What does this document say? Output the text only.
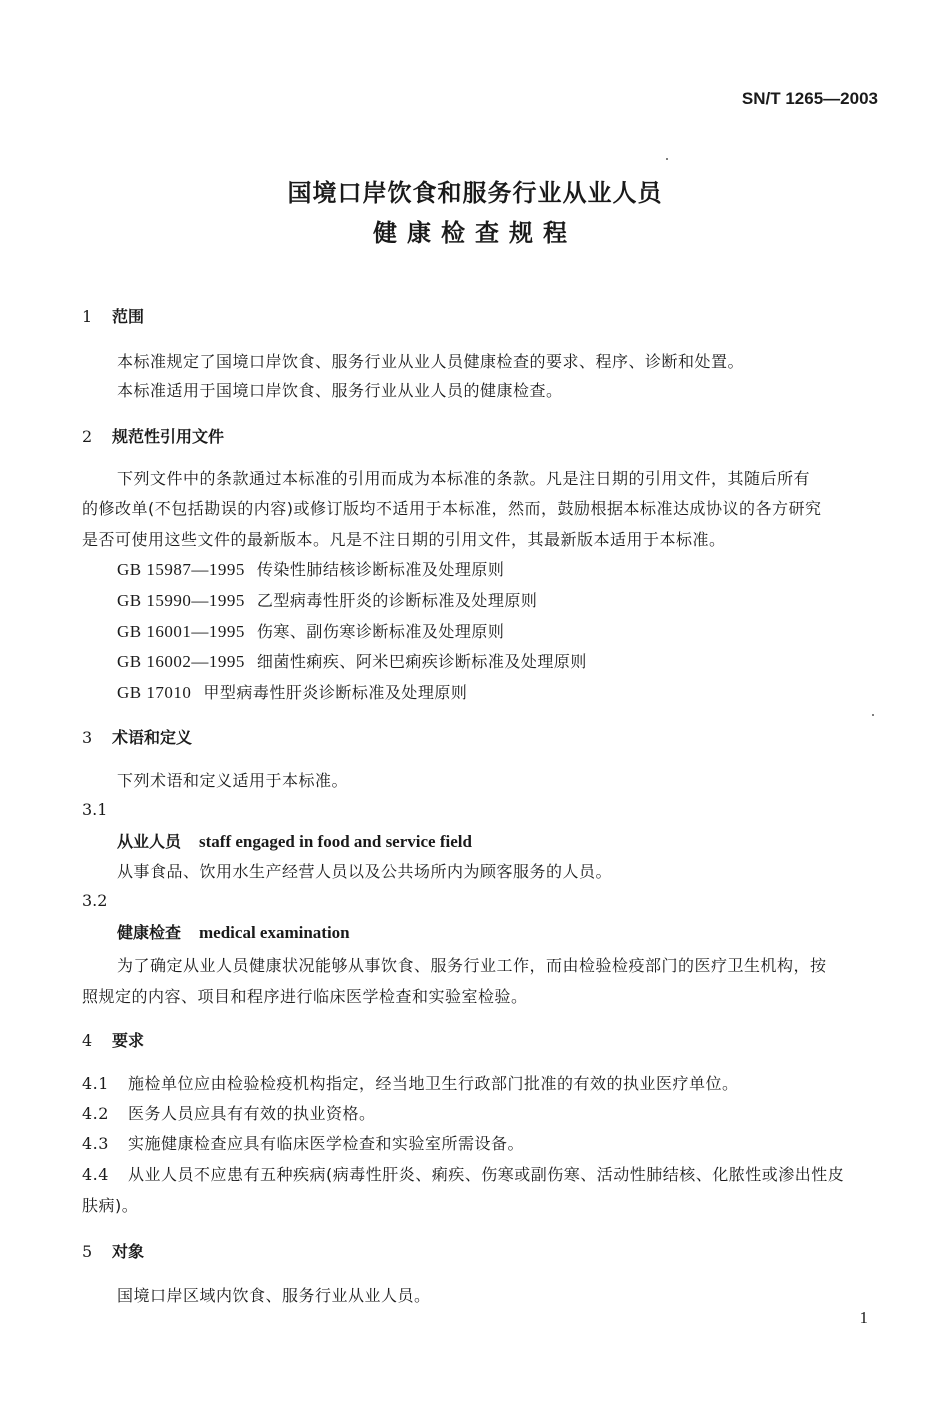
SN/T 1265—2003
国境口岸饮食和服务行业从业人员
健康检查规程
1 范围
本标准规定了国境口岸饮食、服务行业从业人员健康检查的要求、程序、诊断和处置。
本标准适用于国境口岸饮食、服务行业从业人员的健康检查。
2 规范性引用文件
下列文件中的条款通过本标准的引用而成为本标准的条款。凡是注日期的引用文件，其随后所有
的修改单(不包括勘误的内容)或修订版均不适用于本标准，然而，鼓励根据本标准达成协议的各方研究
是否可使用这些文件的最新版本。凡是不注日期的引用文件，其最新版本适用于本标准。
GB 15987—1995 传染性肺结核诊断标准及处理原则
GB 15990—1995 乙型病毒性肝炎的诊断标准及处理原则
GB 16001—1995 伤寒、副伤寒诊断标准及处理原则
GB 16002—1995 细菌性痢疾、阿米巴痢疾诊断标准及处理原则
GB 17010 甲型病毒性肝炎诊断标准及处理原则
3 术语和定义
下列术语和定义适用于本标准。
3.1
从业人员 staff engaged in food and service field
从事食品、饮用水生产经营人员以及公共场所内为顾客服务的人员。
3.2
健康检查 medical examination
为了确定从业人员健康状况能够从事饮食、服务行业工作，而由检验检疫部门的医疗卫生机构，按
照规定的内容、项目和程序进行临床医学检查和实验室检验。
4 要求
4.1 施检单位应由检验检疫机构指定，经当地卫生行政部门批准的有效的执业医疗单位。
4.2 医务人员应具有有效的执业资格。
4.3 实施健康检查应具有临床医学检查和实验室所需设备。
4.4 从业人员不应患有五种疾病(病毒性肝炎、痢疾、伤寒或副伤寒、活动性肺结核、化脓性或渗出性皮
肤病)。
5 对象
国境口岸区域内饮食、服务行业从业人员。
1
